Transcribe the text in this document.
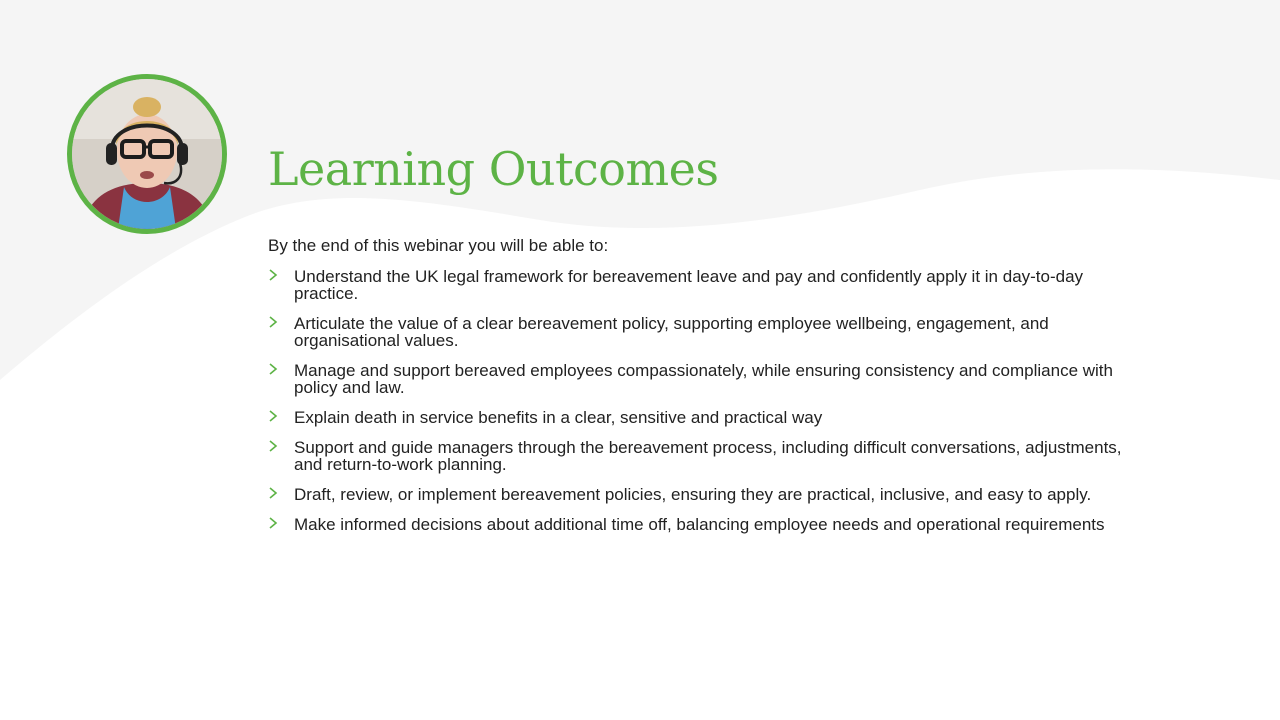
Learning Outcomes

By the end of this webinar you will be able to:

Understand the UK legal framework for bereavement leave and pay and confidently apply it in day-to-day practice.
Articulate the value of a clear bereavement policy, supporting employee wellbeing, engagement, and organisational values.
Manage and support bereaved employees compassionately, while ensuring consistency and compliance with policy and law.
Explain death in service benefits in a clear, sensitive and practical way
Support and guide managers through the bereavement process, including difficult conversations, adjustments, and return-to-work planning.
Draft, review, or implement bereavement policies, ensuring they are practical, inclusive, and easy to apply.
Make informed decisions about additional time off, balancing employee needs and operational requirements
